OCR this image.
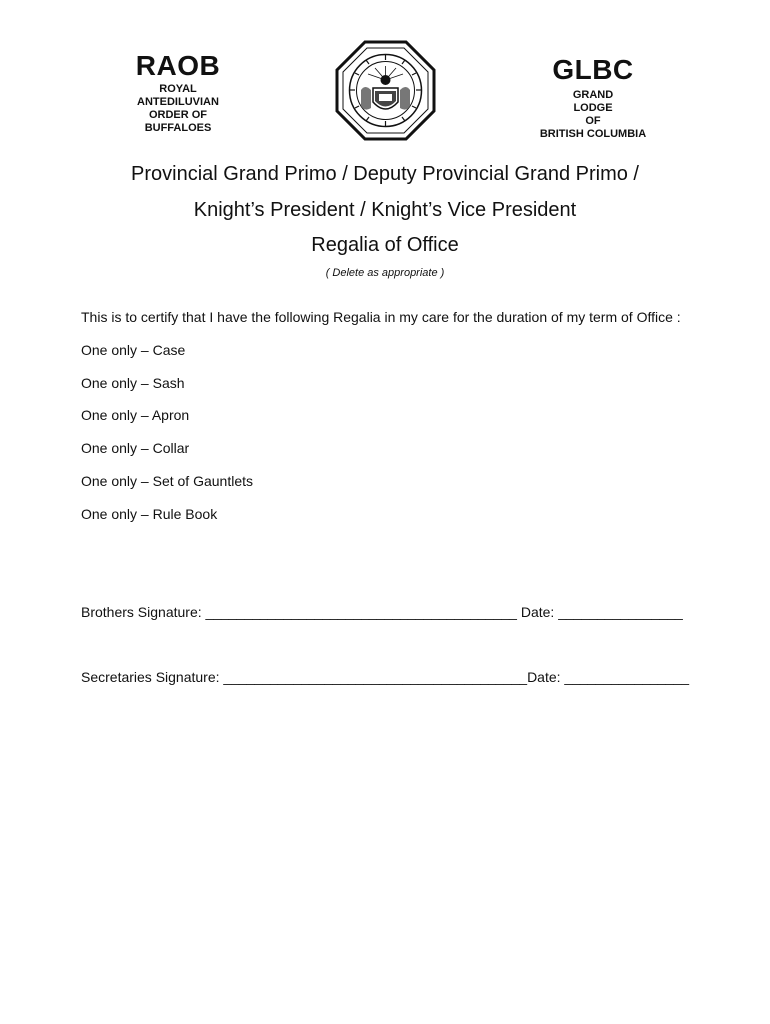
RAOB
ROYAL
ANTEDILUVIAN
ORDER OF
BUFFALOES
GLBC
GRAND
LODGE
OF
BRITISH COLUMBIA
Provincial Grand Primo / Deputy Provincial Grand Primo /
Knight’s President / Knight’s Vice President
Regalia of Office
( Delete as appropriate )
This is to certify that I have the following Regalia in my care for the duration of my term of Office :
One only – Case
One only – Sash
One only – Apron
One only – Collar
One only – Set of Gauntlets
One only – Rule Book
Brothers Signature: ________________________________________ Date: ________________
Secretaries Signature: _______________________________________Date: ________________
